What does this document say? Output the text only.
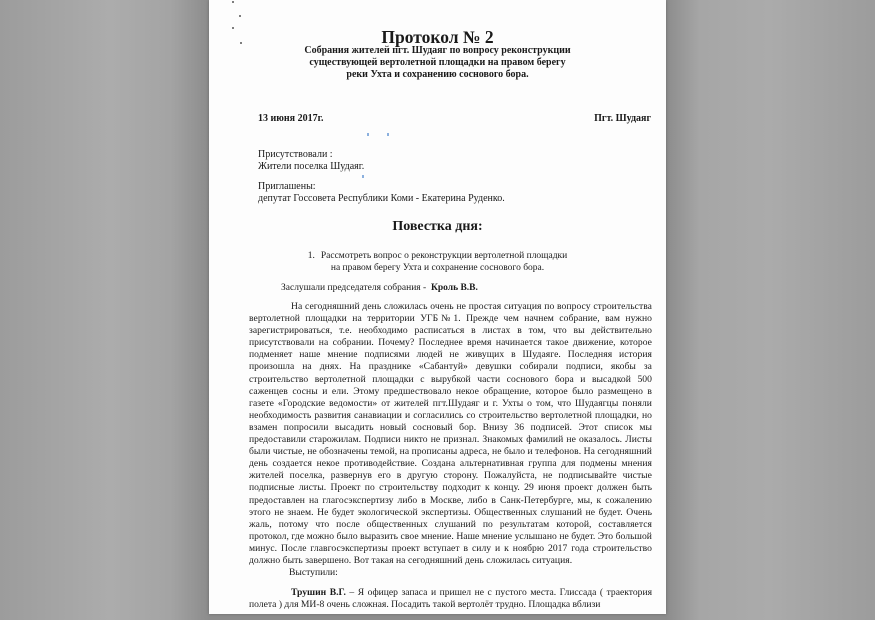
Протокол № 2
Собрания жителей пгт. Шудаяг по вопросу реконструкции
существующей вертолетной площадки на правом берегу
реки Ухта и сохранению соснового бора.
13 июня 2017г.	Пгт. Шудаяг
Присутствовали :
Жители поселка Шудаяг.
Приглашены:
депутат Госсовета Республики Коми - Екатерина Руденко.
Повестка дня:
1. Рассмотреть вопрос о реконструкции вертолетной площадки
на правом берегу Ухта и сохранение соснового бора.
Заслушали председателя собрания - Кроль В.В.
На сегодняшний день сложилась очень не простая ситуация по вопросу строительства вертолетной площадки на территории УГБ№1. Прежде чем начнем собрание, вам нужно зарегистрироваться, т.е. необходимо расписаться в листах в том, что вы действительно присутствовали на собрании. Почему? Последнее время начинается такое движение, которое подменяет наше мнение подписями людей не живущих в Шудаяге. Последняя история произошла на днях. На празднике «Сабантуй» девушки собирали подписи, якобы за строительство вертолетной площадки с вырубкой части соснового бора и высадкой 500 саженцев сосны и ели. Этому предшествовало некое обращение, которое было размещено в газете «Городские ведомости» от жителей пгт.Шудаяг и г. Ухты о том, что Шудаягцы поняли необходимость развития санавиации и согласились со строительство вертолетной площадки, но взамен попросили высадить новый сосновый бор. Внизу 36 подписей. Этот список мы предоставили старожилам. Подписи никто не признал. Знакомых фамилий не оказалось. Листы были чистые, не обозначены темой, на прописаны адреса, не было и телефонов. На сегодняшний день создается некое противодействие. Создана альтернативная группа для подмены мнения жителей поселка, развернув его в другую сторону. Пожалуйста, не подписывайте чистые подписные листы. Проект по строительству подходит к концу. 29 июня проект должен быть предоставлен на глагосэкспертизу либо в Москве, либо в Санк-Петербурге, мы, к сожалению этого не знаем. Не будет экологической экспертизы. Общественных слушаний не будет. Очень жаль, потому что после общественных слушаний по результатам которой, составляется протокол, где можно было выразить свое мнение. Наше мнение услышано не будет. Это большой минус. После главгосэкспертизы проект вступает в силу и к ноябрю 2017 года строительство должно быть завершено. Вот такая на сегодняшний день сложилась ситуация.
Выступили:
Трушин В.Г. – Я офицер запаса и пришел не с пустого места. Глиссада ( траектория полета ) для МИ-8 очень сложная. Посадить такой вертолёт трудно. Площадка вблизи
